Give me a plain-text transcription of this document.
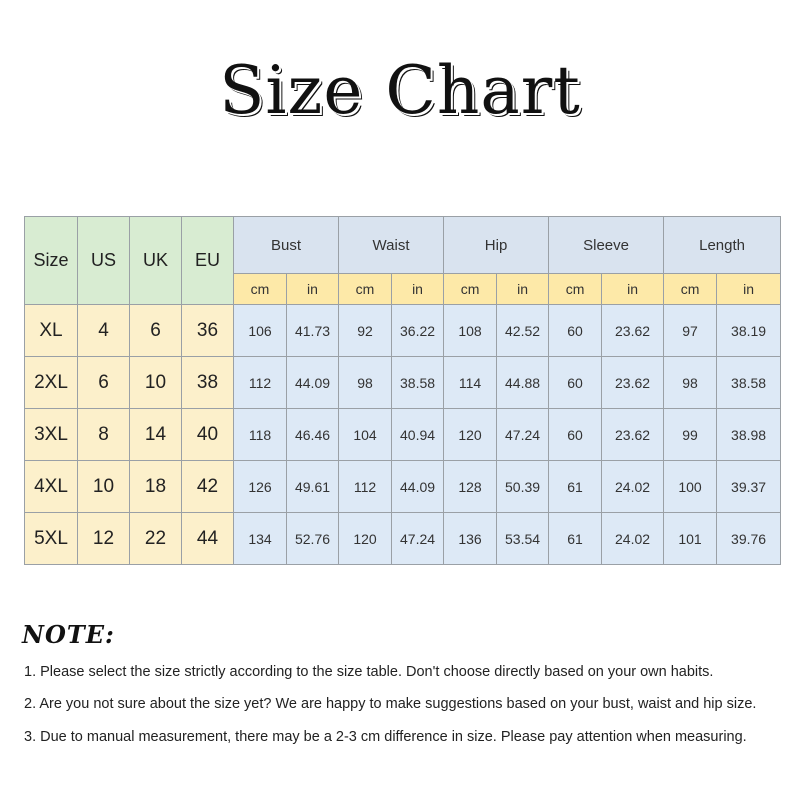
Size Chart
Size	US	UK	EU	Bust		Waist		Hip		Sleeve		Length	
				cm	in	cm	in	cm	in	cm	in	cm	in
XL	4	6	36	106	41.73	92	36.22	108	42.52	60	23.62	97	38.19
2XL	6	10	38	112	44.09	98	38.58	114	44.88	60	23.62	98	38.58
3XL	8	14	40	118	46.46	104	40.94	120	47.24	60	23.62	99	38.98
4XL	10	18	42	126	49.61	112	44.09	128	50.39	61	24.02	100	39.37
5XL	12	22	44	134	52.76	120	47.24	136	53.54	61	24.02	101	39.76
NOTE:
1. Please select the size strictly according to the size table. Don't choose directly based on your own habits.
2. Are you not sure about the size yet? We are happy to make suggestions based on your bust, waist and hip size.
3. Due to manual measurement, there may be a 2-3 cm difference in size. Please pay attention when measuring.
